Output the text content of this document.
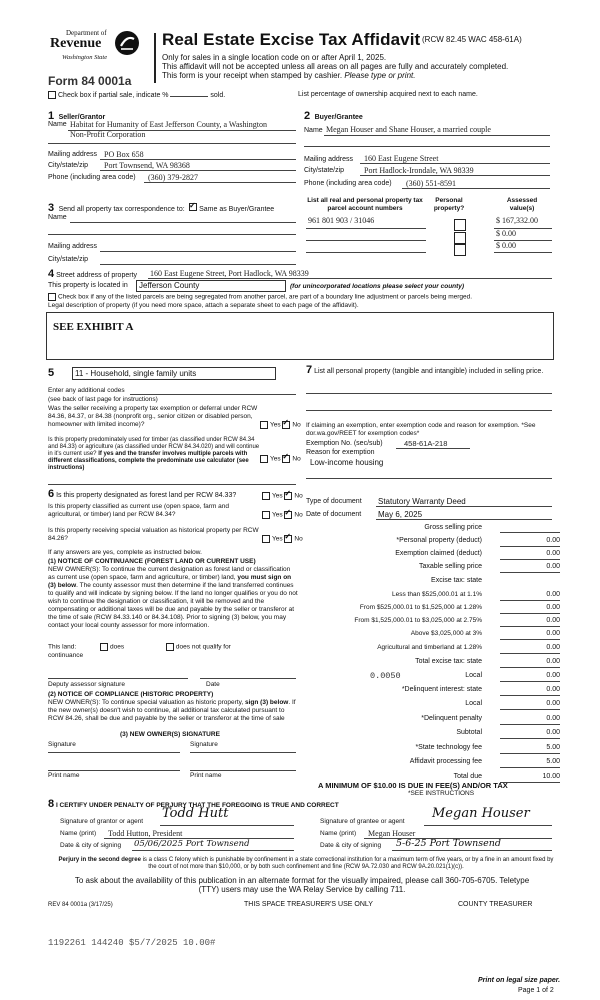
Department of
Revenue
Washington State
Form 84 0001a
Real Estate Excise Tax Affidavit (RCW 82.45 WAC 458-61A)
Only for sales in a single location code on or after April 1, 2025.
This affidavit will not be accepted unless all areas on all pages are fully and accurately completed.
This form is your receipt when stamped by cashier. Please type or print.
Check box if partial sale, indicate %	sold.	List percentage of ownership acquired next to each name.
1 Seller/Grantor
Name Habitat for Humanity of East Jefferson County, a Washington
Non-Profit Corporation
Mailing address PO Box 658
City/state/zip Port Townsend, WA 98368
Phone (including area code) (360) 379-2827
2 Buyer/Grantee
Name Megan Houser and Shane Houser, a married couple
Mailing address 160 East Eugene Street
City/state/zip Port Hadlock-Irondale, WA 98339
Phone (including area code) (360) 551-8591
3 Send all property tax correspondence to: ✓ Same as Buyer/Grantee
Name
Mailing address
City/state/zip
List all real and personal property tax parcel account numbers
Personal property?
Assessed value(s)
961 801 903 / 31046	$ 167,332.00
$ 0.00
$ 0.00
4 Street address of property 160 East Eugene Street, Port Hadlock, WA 98339
This property is located in	Jefferson County	(for unincorporated locations please select your county)
Check box if any of the listed parcels are being segregated from another parcel, are part of a boundary line adjustment or parcels being merged.
Legal description of property (if you need more space, attach a separate sheet to each page of the affidavit).
SEE EXHIBIT A
5	11 - Household, single family units
Enter any additional codes
(see back of last page for instructions)
Was the seller receiving a property tax exemption or deferral under RCW 84.36, 84.37, or 84.38 (nonprofit org., senior citizen or disabled person, homeowner with limited income)?	Yes ✓ No
Is this property predominately used for timber (as classified under RCW 84.34 and 84.33) or agriculture (as classified under RCW 84.34.020) and will continue in it's current use? If yes and the transfer involves multiple parcels with different classifications, complete the predominate use calculator (see instructions)
Yes ✓ No
6 Is this property designated as forest land per RCW 84.33?	Yes ✓ No
Is this property classified as current use (open space, farm and agricultural, or timber) land per RCW 84.34?	Yes ✓ No
Is this property receiving special valuation as historical property per RCW 84.26?	Yes ✓ No
If any answers are yes, complete as instructed below.
(1) NOTICE OF CONTINUANCE (FOREST LAND OR CURRENT USE)
NEW OWNER(S): To continue the current designation as forest land or classification as current use (open space, farm and agriculture, or timber) land, you must sign on (3) below. The county assessor must then determine if the land transferred continues to qualify and will indicate by signing below. If the land no longer qualifies or you do not wish to continue the designation or classification, it will be removed and the compensating or additional taxes will be due and payable by the seller or transferor at the time of sale (RCW 84.33.140 or 84.34.108). Prior to signing (3) below, you may contact your local county assessor for more information.
This land:	does	does not qualify for
continuance
Deputy assessor signature	Date
(2) NOTICE OF COMPLIANCE (HISTORIC PROPERTY)
NEW OWNER(S): To continue special valuation as historic property, sign (3) below. If the new owner(s) doesn't wish to continue, all additional tax calculated pursuant to RCW 84.26, shall be due and payable by the seller or transferor at the time of sale
(3) NEW OWNER(S) SIGNATURE
Signature	Signature
Print name	Print name
7 List all personal property (tangible and intangible) included in selling price.
If claiming an exemption, enter exemption code and reason for exemption. *See dor.wa.gov/REET for exemption codes*
Exemption No. (sec/sub)	458-61A-218
Reason for exemption
Low-income housing
Type of document Statutory Warranty Deed
Date of document May 6, 2025
Gross selling price
*Personal property (deduct)	0.00
Exemption claimed (deduct)	0.00
Taxable selling price	0.00
Excise tax: state
Less than $525,000.01 at 1.1%	0.00
From $525,000.01 to $1,525,000 at 1.28%	0.00
From $1,525,000.01 to $3,025,000 at 2.75%	0.00
Above $3,025,000 at 3%	0.00
Agricultural and timberland at 1.28%	0.00
Total excise tax: state	0.00
0.0050	Local	0.00
*Delinquent interest: state	0.00
Local	0.00
*Delinquent penalty	0.00
Subtotal	0.00
*State technology fee	5.00
Affidavit processing fee	5.00
Total due	10.00
A MINIMUM OF $10.00 IS DUE IN FEE(S) AND/OR TAX
*SEE INSTRUCTIONS
8 I CERTIFY UNDER PENALTY OF PERJURY THAT THE FOREGOING IS TRUE AND CORRECT
Signature of grantor or agent
Todd Hutt
Name (print) Todd Hutton, President
Date & city of signing 05/06/2025 Port Townsend
Signature of grantee or agent
Megan Houser
Name (print) Megan Houser
Date & city of signing 5-6-25 Port Townsend
Perjury in the second degree is a class C felony which is punishable by confinement in a state correctional institution for a maximum term of five years, or by a fine in an amount fixed by the court of not more than $10,000, or by both such confinement and fine (RCW 9A.72.030 and RCW 9A.20.021(1)(c)).
To ask about the availability of this publication in an alternate format for the visually impaired, please call 360-705-6705. Teletype
(TTY) users may use the WA Relay Service by calling 711.
REV 84 0001a (3/17/25)	THIS SPACE TREASURER'S USE ONLY	COUNTY TREASURER
1192261 144240 $5/7/2025 10.00#
Print on legal size paper.
Page 1 of 2
